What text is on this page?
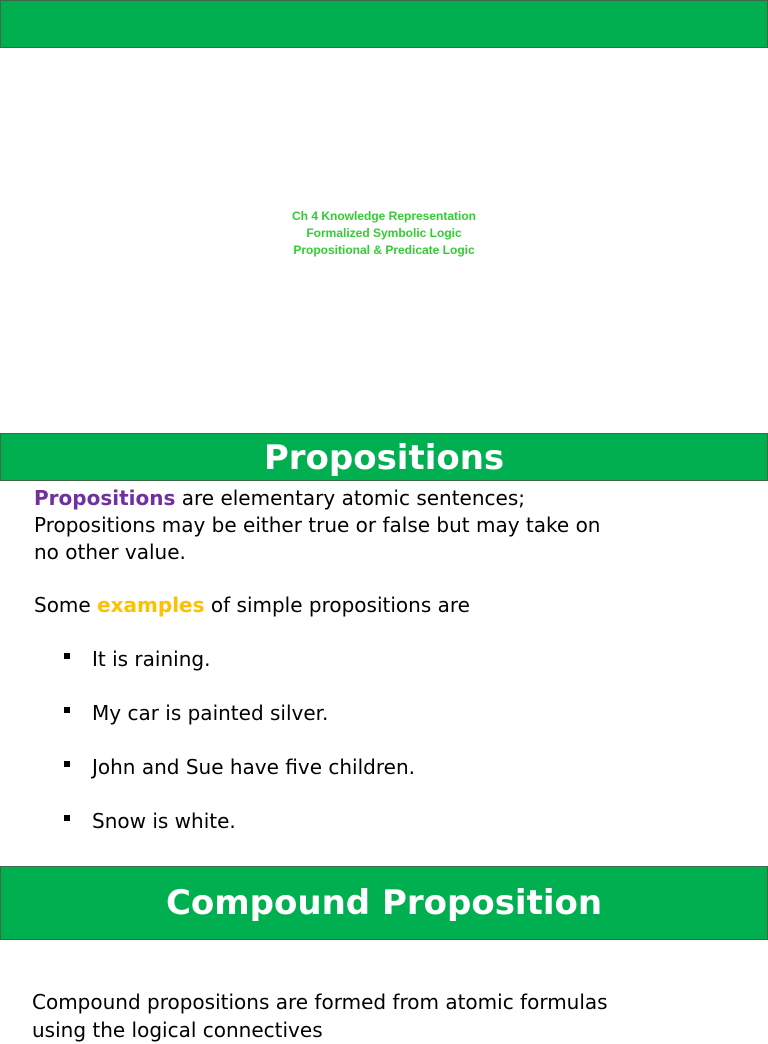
Ch 4 Knowledge Representation
Formalized Symbolic Logic
Propositional & Predicate Logic
Propositions
Propositions are elementary atomic sentences;
Propositions may be either true or false but may take on
no other value.
Some examples of simple propositions are
It is raining.
My car is painted silver.
John and Sue have five children.
Snow is white.
Compound Proposition
Compound propositions are formed from atomic formulas
using the logical connectives
